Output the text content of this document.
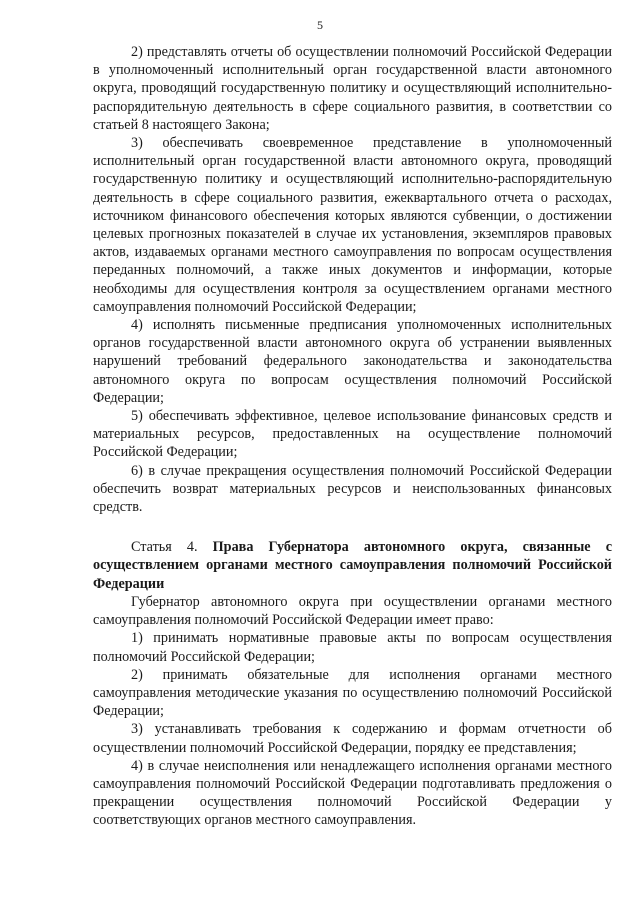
5

2) представлять отчеты об осуществлении полномочий Российской Федерации в уполномоченный исполнительный орган государственной власти автономного округа, проводящий государственную политику и осуществляющий исполнительно-распорядительную деятельность в сфере социального развития, в соответствии со статьей 8 настоящего Закона;

3) обеспечивать своевременное представление в уполномоченный исполнительный орган государственной власти автономного округа, проводящий государственную политику и осуществляющий исполнительно-распорядительную деятельность в сфере социального развития, ежеквартального отчета о расходах, источником финансового обеспечения которых являются субвенции, о достижении целевых прогнозных показателей в случае их установления, экземпляров правовых актов, издаваемых органами местного самоуправления по вопросам осуществления переданных полномочий, а также иных документов и информации, которые необходимы для осуществления контроля за осуществлением органами местного самоуправления полномочий Российской Федерации;

4) исполнять письменные предписания уполномоченных исполнительных органов государственной власти автономного округа об устранении выявленных нарушений требований федерального законодательства и законодательства автономного округа по вопросам осуществления полномочий Российской Федерации;

5) обеспечивать эффективное, целевое использование финансовых средств и материальных ресурсов, предоставленных на осуществление полномочий Российской Федерации;

6) в случае прекращения осуществления полномочий Российской Федерации обеспечить возврат материальных ресурсов и неиспользованных финансовых средств.

Статья 4. Права Губернатора автономного округа, связанные с осуществлением органами местного самоуправления полномочий Российской Федерации

Губернатор автономного округа при осуществлении органами местного самоуправления полномочий Российской Федерации имеет право:

1) принимать нормативные правовые акты по вопросам осуществления полномочий Российской Федерации;

2) принимать обязательные для исполнения органами местного самоуправления методические указания по осуществлению полномочий Российской Федерации;

3) устанавливать требования к содержанию и формам отчетности об осуществлении полномочий Российской Федерации, порядку ее представления;

4) в случае неисполнения или ненадлежащего исполнения органами местного самоуправления полномочий Российской Федерации подготавливать предложения о прекращении осуществления полномочий Российской Федерации у соответствующих органов местного самоуправления.
